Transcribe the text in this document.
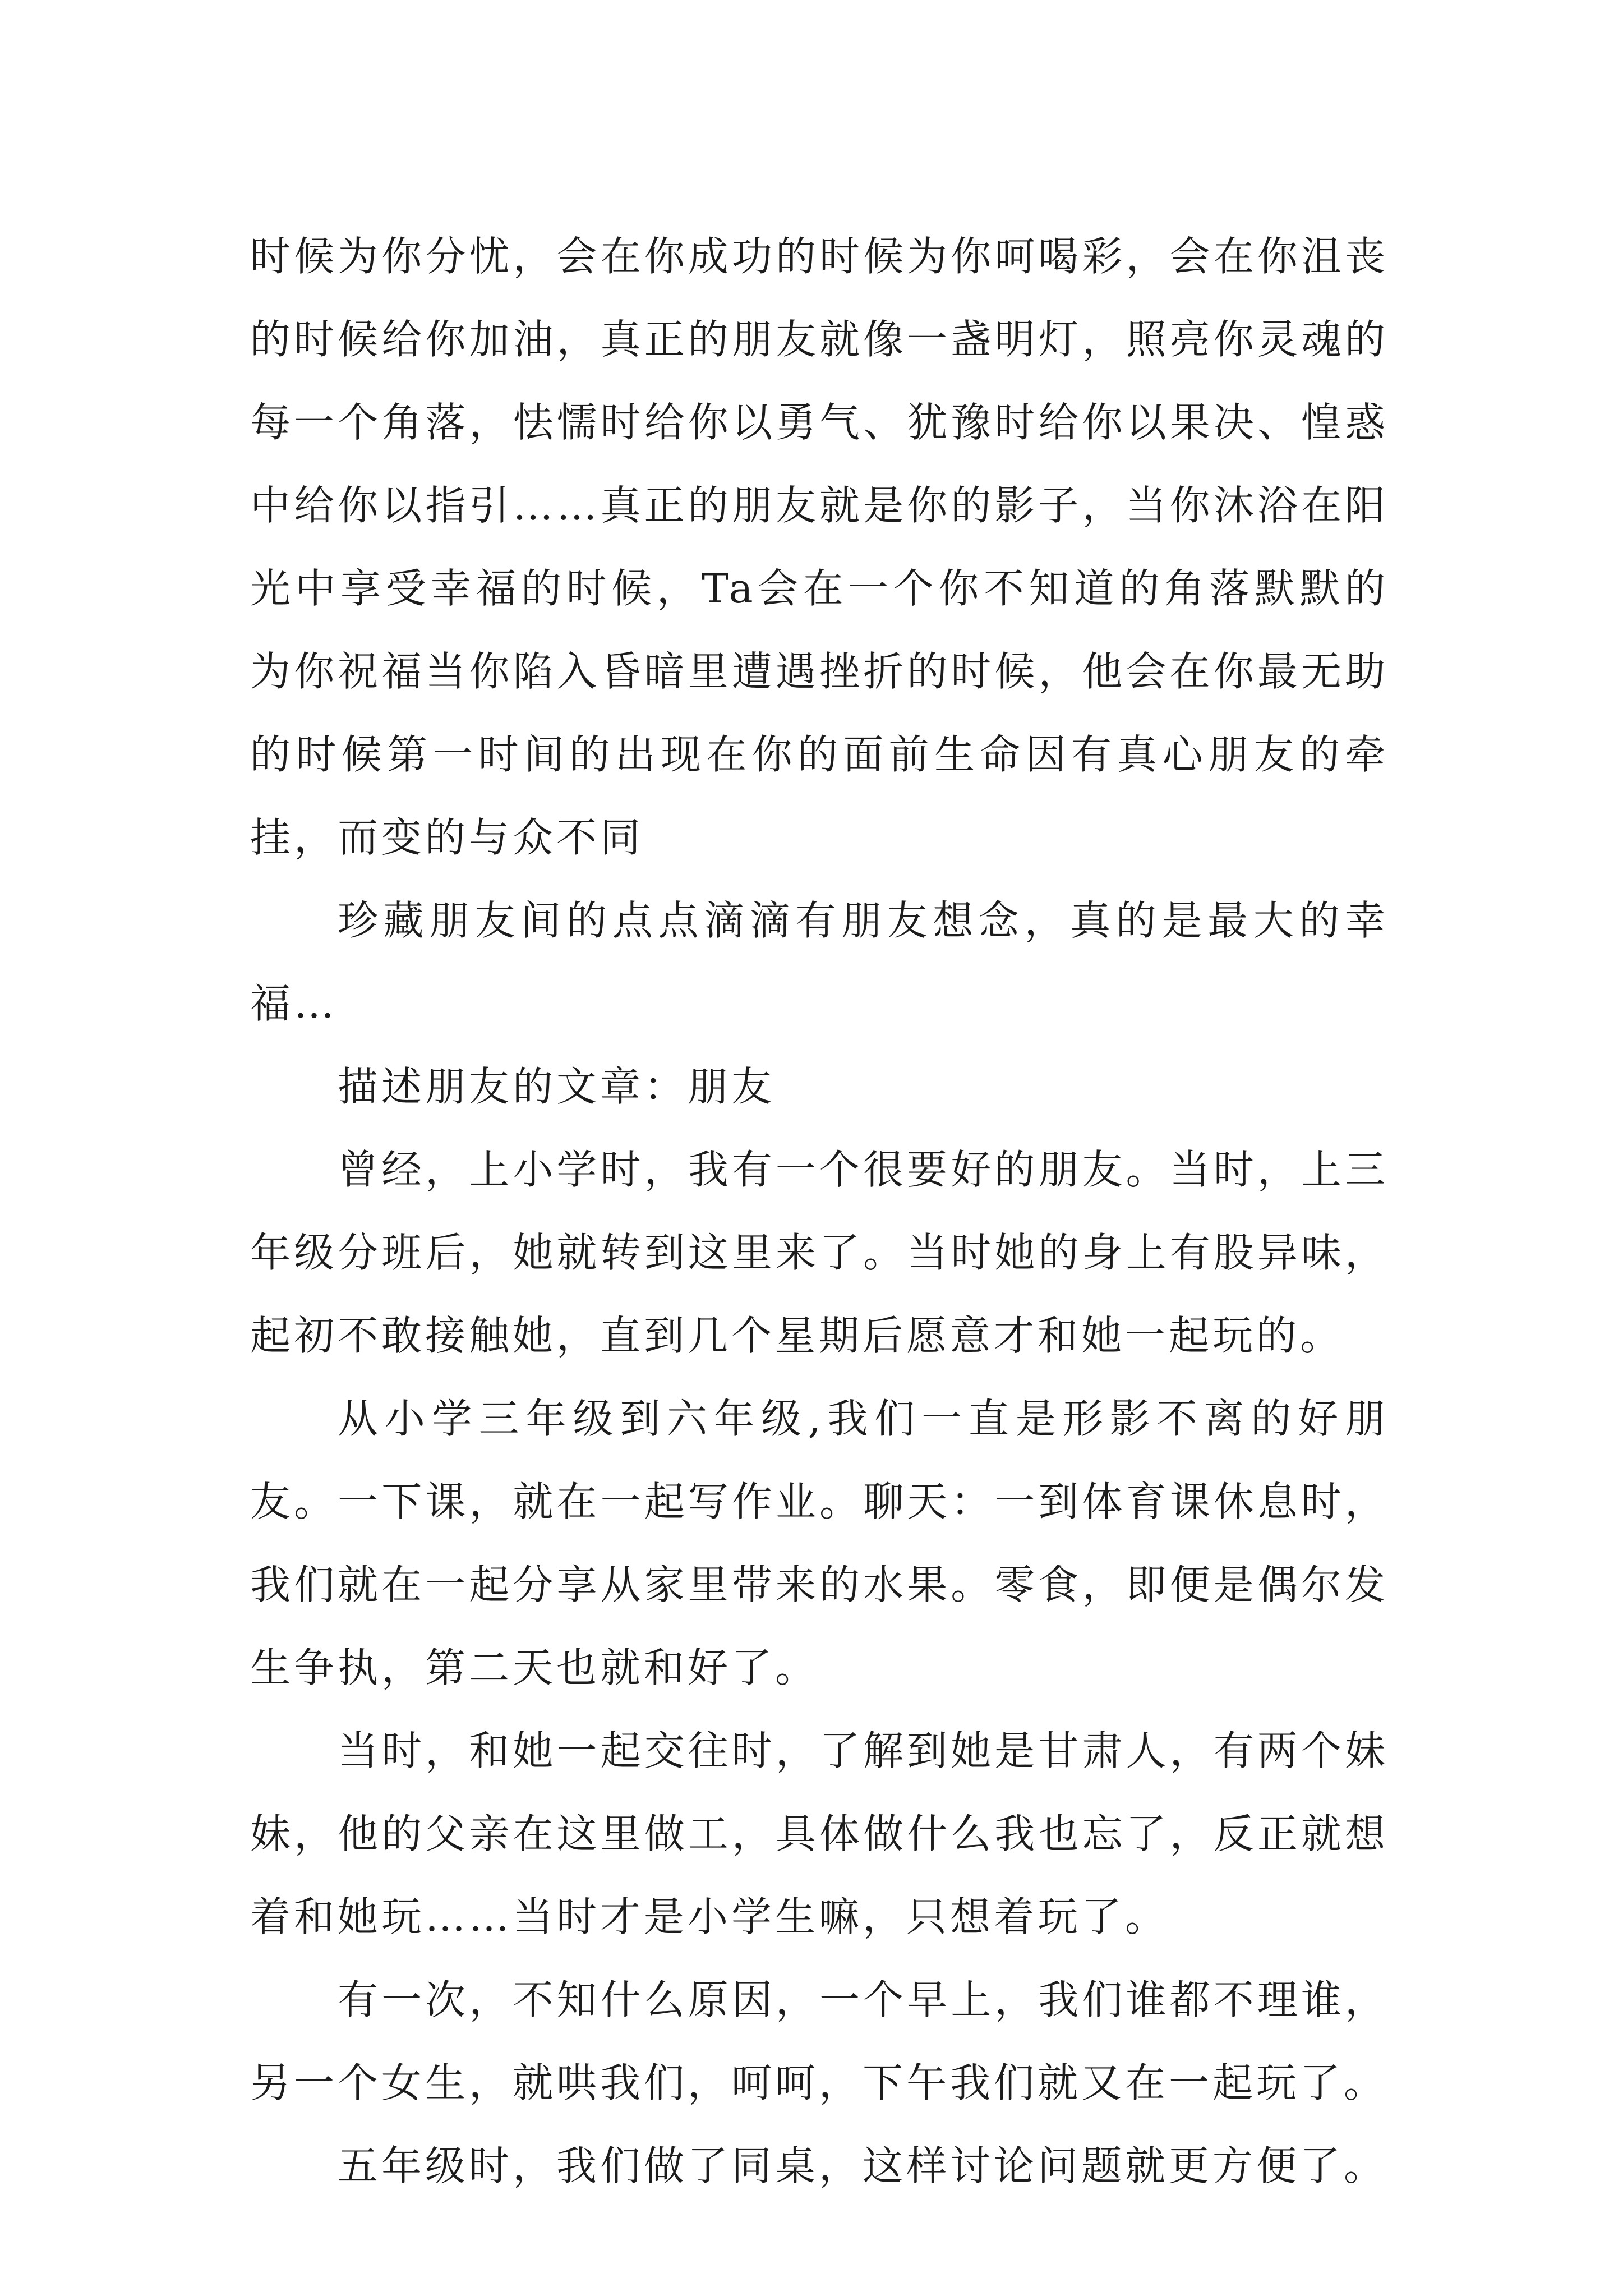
时候为你分忧，会在你成功的时候为你呵喝彩，会在你沮丧的时候给你加油，真正的朋友就像一盏明灯，照亮你灵魂的每一个角落，怯懦时给你以勇气、犹豫时给你以果决、惶惑中给你以指引……真正的朋友就是你的影子，当你沐浴在阳光中享受幸福的时候，Ta会在一个你不知道的角落默默的为你祝福当你陷入昏暗里遭遇挫折的时候，他会在你最无助的时候第一时间的出现在你的面前生命因有真心朋友的牵挂，而变的与众不同

珍藏朋友间的点点滴滴有朋友想念，真的是最大的幸福…

描述朋友的文章：朋友

曾经，上小学时，我有一个很要好的朋友。当时，上三年级分班后，她就转到这里来了。当时她的身上有股异味，起初不敢接触她，直到几个星期后愿意才和她一起玩的。

从小学三年级到六年级,我们一直是形影不离的好朋友。一下课，就在一起写作业。聊天：一到体育课休息时，我们就在一起分享从家里带来的水果。零食，即便是偶尔发生争执，第二天也就和好了。

当时，和她一起交往时，了解到她是甘肃人，有两个妹妹，他的父亲在这里做工，具体做什么我也忘了，反正就想着和她玩……当时才是小学生嘛，只想着玩了。

有一次，不知什么原因，一个早上，我们谁都不理谁，另一个女生，就哄我们，呵呵，下午我们就又在一起玩了。

五年级时，我们做了同桌，这样讨论问题就更方便了。
